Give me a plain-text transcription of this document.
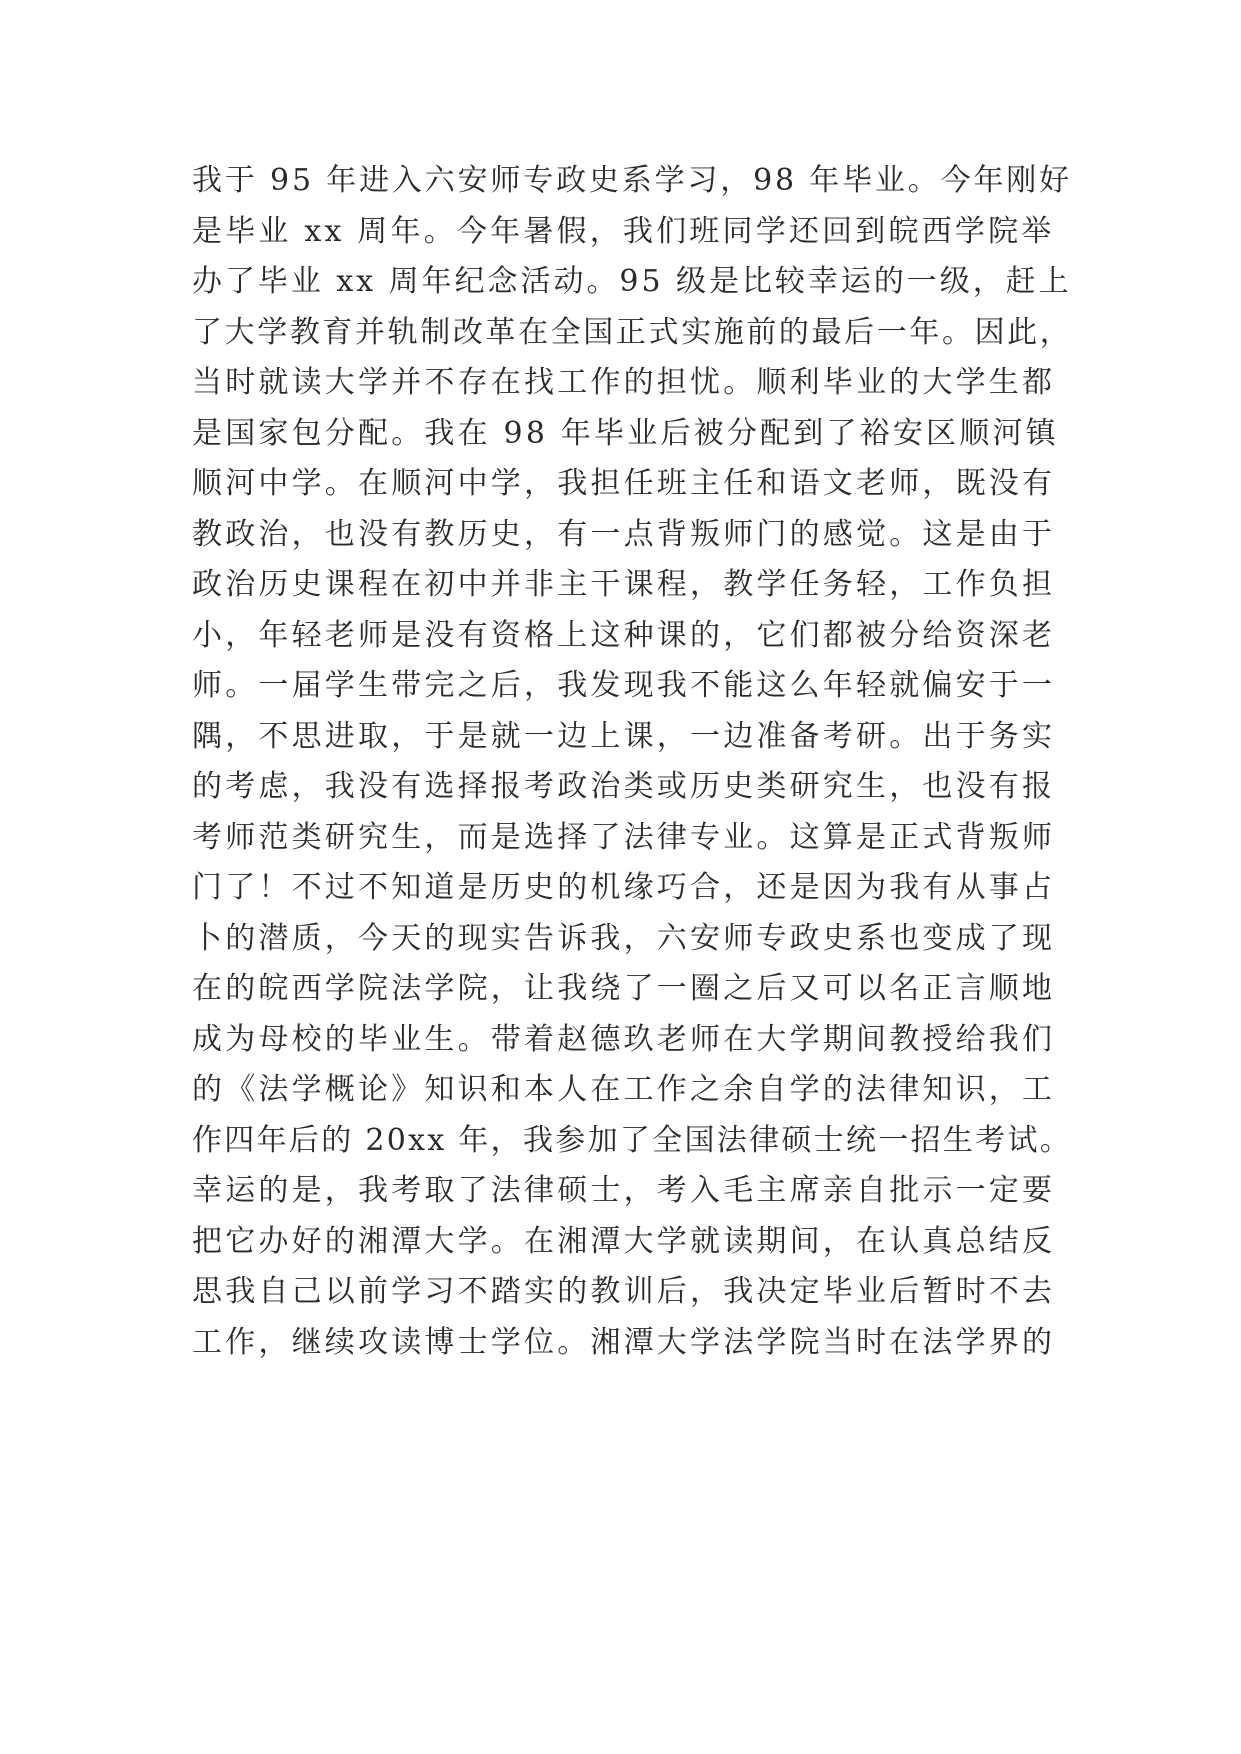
我于 95 年进入六安师专政史系学习，98 年毕业。今年刚好
是毕业 xx 周年。今年暑假，我们班同学还回到皖西学院举
办了毕业 xx 周年纪念活动。95 级是比较幸运的一级，赶上
了大学教育并轨制改革在全国正式实施前的最后一年。因此，
当时就读大学并不存在找工作的担忧。顺利毕业的大学生都
是国家包分配。我在 98 年毕业后被分配到了裕安区顺河镇
顺河中学。在顺河中学，我担任班主任和语文老师，既没有
教政治，也没有教历史，有一点背叛师门的感觉。这是由于
政治历史课程在初中并非主干课程，教学任务轻，工作负担
小，年轻老师是没有资格上这种课的，它们都被分给资深老
师。一届学生带完之后，我发现我不能这么年轻就偏安于一
隅，不思进取，于是就一边上课，一边准备考研。出于务实
的考虑，我没有选择报考政治类或历史类研究生，也没有报
考师范类研究生，而是选择了法律专业。这算是正式背叛师
门了！不过不知道是历史的机缘巧合，还是因为我有从事占
卜的潜质，今天的现实告诉我，六安师专政史系也变成了现
在的皖西学院法学院，让我绕了一圈之后又可以名正言顺地
成为母校的毕业生。带着赵德玖老师在大学期间教授给我们
的《法学概论》知识和本人在工作之余自学的法律知识，工
作四年后的 20xx 年，我参加了全国法律硕士统一招生考试。
幸运的是，我考取了法律硕士，考入毛主席亲自批示一定要
把它办好的湘潭大学。在湘潭大学就读期间，在认真总结反
思我自己以前学习不踏实的教训后，我决定毕业后暂时不去
工作，继续攻读博士学位。湘潭大学法学院当时在法学界的
